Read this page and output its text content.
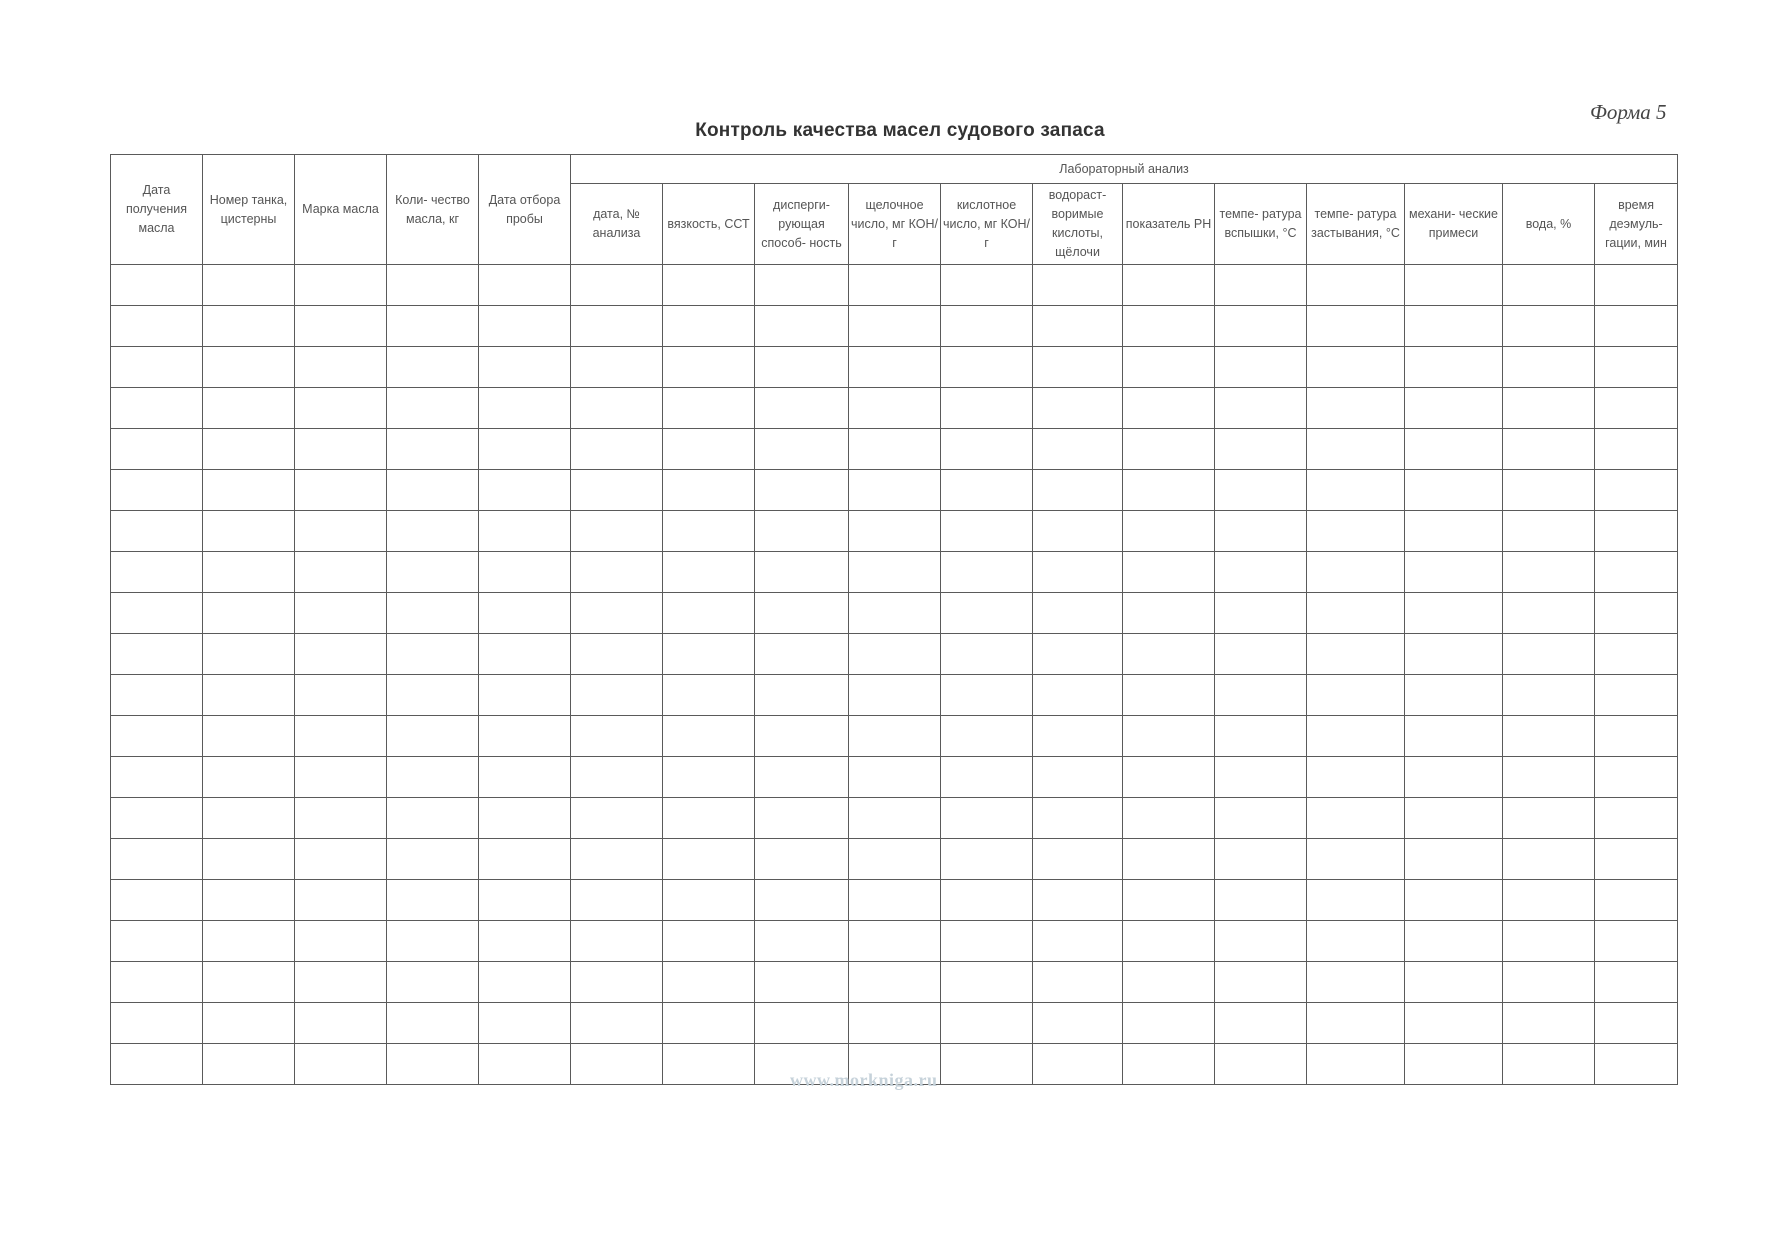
Форма 5
Контроль качества масел судового запаса
Дата получения масла	Номер танка, цистерны	Марка масла	Коли- чество масла, кг	Дата отбора пробы	Лабораторный анализ											
					дата, № анализа	вязкость, ССТ	дисперги- рующая способ- ность	щелочное число, мг КОН/г	кислотное число, мг КОН/г	водораст- воримые кислоты, щёлочи	показатель РН	темпе- ратура вспышки, °С	темпе- ратура застывания, °С	механи- ческие примеси	вода, %	время деэмуль- гации, мин

www.morkniga.ru
